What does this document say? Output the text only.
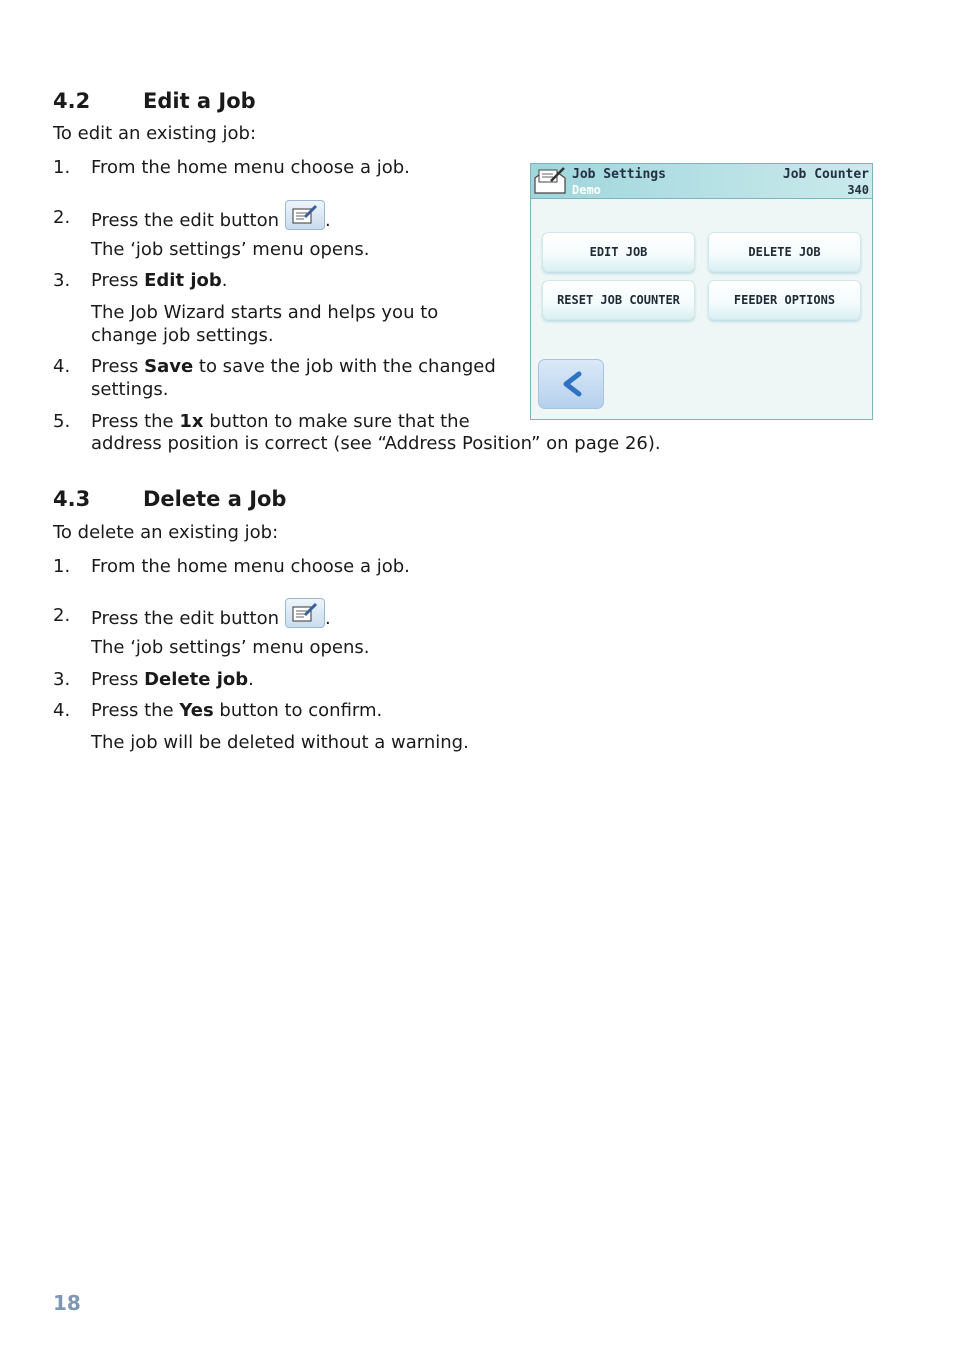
4.2	Edit a Job
To edit an existing job:
1. From the home menu choose a job.
2. Press the edit button	.
The ‘job settings’ menu opens.
3. Press Edit job.
The Job Wizard starts and helps you to
change job settings.
4. Press Save to save the job with the changed
settings.
5. Press the 1x button to make sure that the
address position is correct (see “Address Position” on page 26).
Job Settings
Demo
Job Counter
340
EDIT JOB	DELETE JOB
RESET JOB COUNTER	FEEDER OPTIONS
4.3	Delete a Job
To delete an existing job:
1. From the home menu choose a job.
2. Press the edit button	.
The ‘job settings’ menu opens.
3. Press Delete job.
4. Press the Yes button to confirm.
The job will be deleted without a warning.
18
